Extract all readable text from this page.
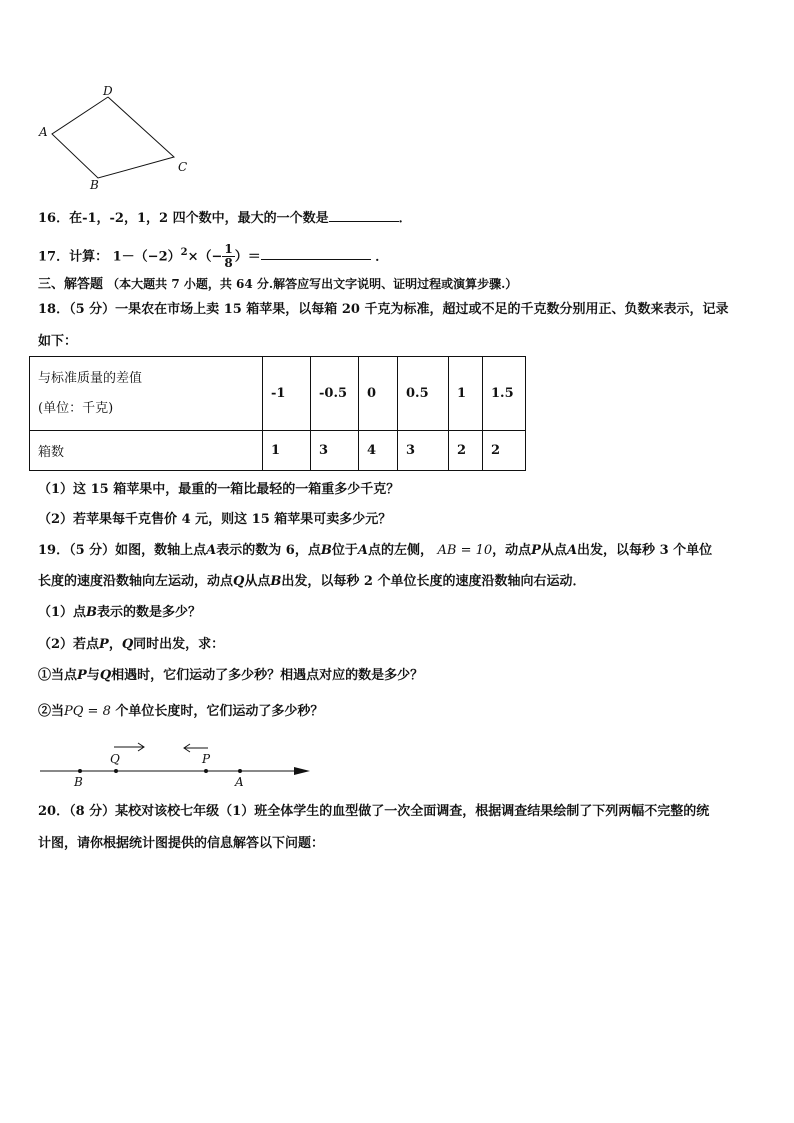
D
A
C
B
16．在-1，-2，1，2 四个数中，最大的一个数是	．
17．计算： $1-(-2)^2\times(- \frac{1}{8}$ ）＝	．
三、解答题 （本大题共 7 小题，共 64 分.解答应写出文字说明、证明过程或演算步骤.）
18．（5 分）一果农在市场上卖 15 箱苹果，以每箱 20 千克为标准，超过或不足的千克数分别用正、负数来表示，记录
如下：
与标准质量的差值
(单位：千克)	-1	-0.5	0	0.5	1	1.5
箱数	1	3	4	3	2	2
（1）这 15 箱苹果中，最重的一箱比最轻的一箱重多少千克？
（2）若苹果每千克售价 4 元，则这 15 箱苹果可卖多少元？
19．（5 分）如图，数轴上点A表示的数为 6，点B位于A点的左侧， AB = 10，动点P从点A出发，以每秒 3 个单位
长度的速度沿数轴向左运动，动点Q从点B出发，以每秒 2 个单位长度的速度沿数轴向右运动．
（1）点B表示的数是多少？
（2）若点P，Q同时出发，求：
①当点P与Q相遇时，它们运动了多少秒？相遇点对应的数是多少？
②当PQ = 8 个单位长度时，它们运动了多少秒？
Q	P
B	A
20．（8 分）某校对该校七年级（1）班全体学生的血型做了一次全面调查，根据调查结果绘制了下列两幅不完整的统
计图，请你根据统计图提供的信息解答以下问题：
